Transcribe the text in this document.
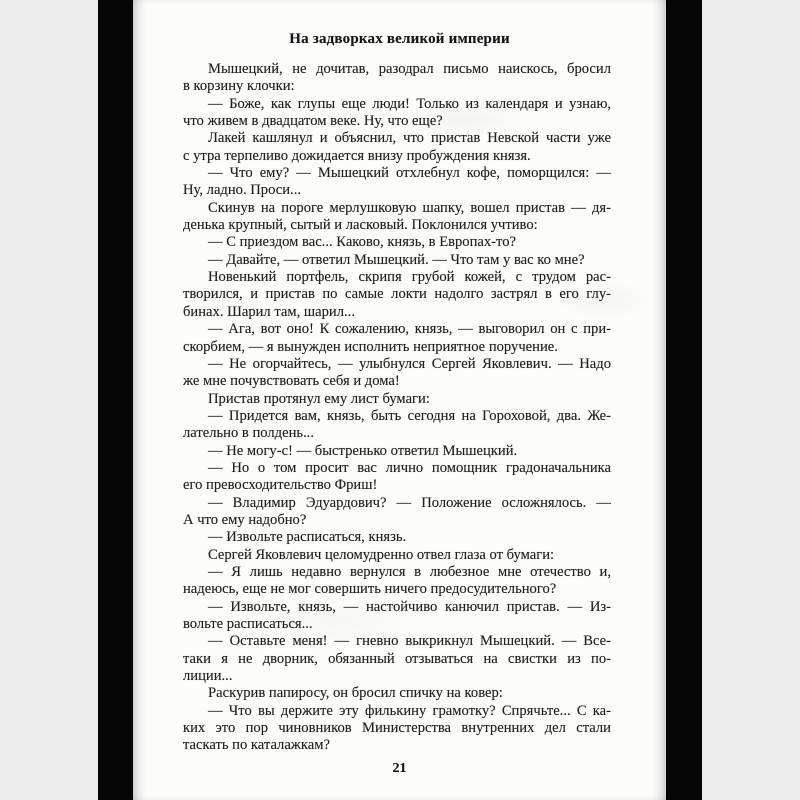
На задворках великой империи
Мышецкий, не дочитав, разодрал письмо наискось, бросил
в корзину клочки:
— Боже, как глупы еще люди! Только из календаря и узнаю,
что живем в двадцатом веке. Ну, что еще?
Лакей кашлянул и объяснил, что пристав Невской части уже
с утра терпеливо дожидается внизу пробуждения князя.
— Что ему? — Мышецкий отхлебнул кофе, поморщился: —
Ну, ладно. Проси...
Скинув на пороге мерлушковую шапку, вошел пристав — дя-
денька крупный, сытый и ласковый. Поклонился учтиво:
— С приездом вас... Каково, князь, в Европах-то?
— Давайте, — ответил Мышецкий. — Что там у вас ко мне?
Новенький портфель, скрипя грубой кожей, с трудом рас-
творился, и пристав по самые локти надолго застрял в его глу-
бинах. Шарил там, шарил...
— Ага, вот оно! К сожалению, князь, — выговорил он с при-
скорбием, — я вынужден исполнить неприятное поручение.
— Не огорчайтесь, — улыбнулся Сергей Яковлевич. — Надо
же мне почувствовать себя и дома!
Пристав протянул ему лист бумаги:
— Придется вам, князь, быть сегодня на Гороховой, два. Же-
лательно в полдень...
— Не могу-с! — быстренько ответил Мышецкий.
— Но о том просит вас лично помощник градоначальника
его превосходительство Фриш!
— Владимир Эдуардович? — Положение осложнялось. —
А что ему надобно?
— Извольте расписаться, князь.
Сергей Яковлевич целомудренно отвел глаза от бумаги:
— Я лишь недавно вернулся в любезное мне отечество и,
надеюсь, еще не мог совершить ничего предосудительного?
— Извольте, князь, — настойчиво канючил пристав. — Из-
вольте расписаться...
— Оставьте меня! — гневно выкрикнул Мышецкий. — Все-
таки я не дворник, обязанный отзываться на свистки из по-
лиции...
Раскурив папиросу, он бросил спичку на ковер:
— Что вы держите эту филькину грамотку? Спрячьте... С ка-
ких это пор чиновников Министерства внутренних дел стали
таскать по каталажкам?
21
